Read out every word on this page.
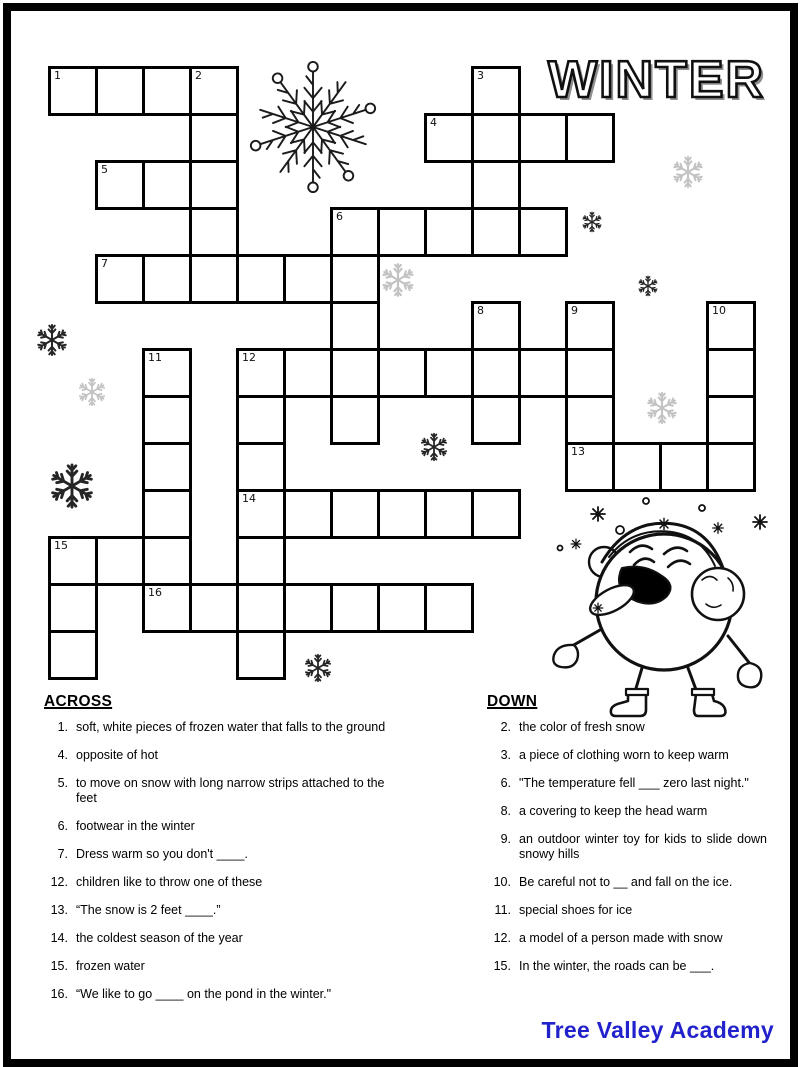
WINTER
1	2	3
4
5
6
7
8	9	10
11	12
13
14
15
16
ACROSS
1. soft, white pieces of frozen water that falls to the ground
4. opposite of hot
5. to move on snow with long narrow strips attached to the feet
6. footwear in the winter
7. Dress warm so you don't ____.
12. children like to throw one of these
13. “The snow is 2 feet ____.”
14. the coldest season of the year
15. frozen water
16. “We like to go ____ on the pond in the winter."
DOWN
2. the color of fresh snow
3. a piece of clothing worn to keep warm
6. "The temperature fell ___ zero last night."
8. a covering to keep the head warm
9. an outdoor winter toy for kids to slide down snowy hills
10. Be careful not to __ and fall on the ice.
11. special shoes for ice
12. a model of a person made with snow
15. In the winter, the roads can be ___.
Tree Valley Academy
